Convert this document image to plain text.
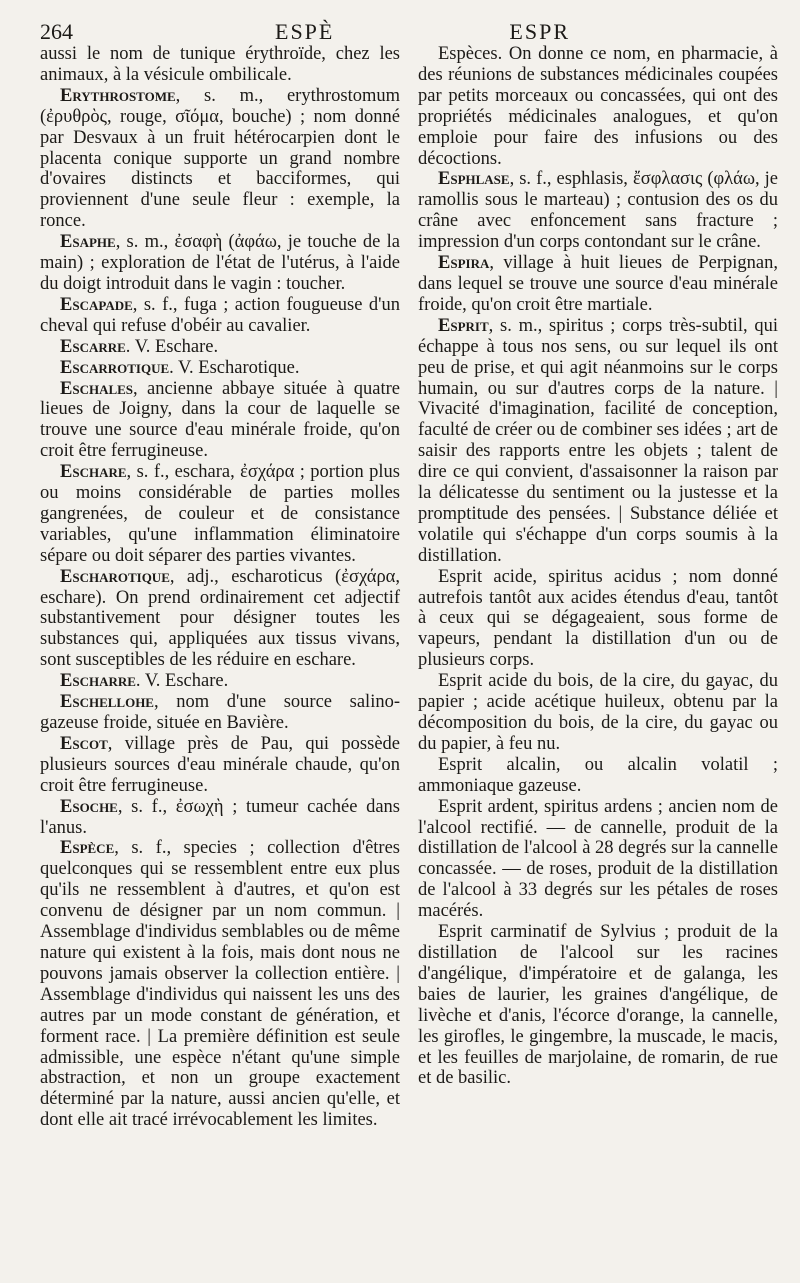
264	ESPÈ	ESPR

aussi le nom de tunique érythroïde, chez les animaux, à la vésicule ombilicale.

Erythrostome, s. m., erythrostomum (ἐρυθρὸς, rouge, σῖόμα, bouche) ; nom donné par Desvaux à un fruit hétérocarpien dont le placenta conique supporte un grand nombre d'ovaires distincts et bacciformes, qui proviennent d'une seule fleur : exemple, la ronce.

Esaphe, s. m., ἐσαφὴ (ἀφάω, je touche de la main) ; exploration de l'état de l'utérus, à l'aide du doigt introduit dans le vagin : toucher.

Escapade, s. f., fuga ; action fougueuse d'un cheval qui refuse d'obéir au cavalier.

Escarre. V. Eschare.

Escarrotique. V. Escharotique.

Eschales, ancienne abbaye située à quatre lieues de Joigny, dans la cour de laquelle se trouve une source d'eau minérale froide, qu'on croit être ferrugineuse.

Eschare, s. f., eschara, ἐσχάρα ; portion plus ou moins considérable de parties molles gangrenées, de couleur et de consistance variables, qu'une inflammation éliminatoire sépare ou doit séparer des parties vivantes.

Escharotique, adj., escharoticus (ἐσχάρα, eschare). On prend ordinairement cet adjectif substantivement pour désigner toutes les substances qui, appliquées aux tissus vivans, sont susceptibles de les réduire en eschare.

Escharre. V. Eschare.

Eschellohe, nom d'une source salino-gazeuse froide, située en Bavière.

Escot, village près de Pau, qui possède plusieurs sources d'eau minérale chaude, qu'on croit être ferrugineuse.

Esoche, s. f., ἐσωχὴ ; tumeur cachée dans l'anus.

Espèce, s. f., species ; collection d'êtres quelconques qui se ressemblent entre eux plus qu'ils ne ressemblent à d'autres, et qu'on est convenu de désigner par un nom commun. | Assemblage d'individus semblables ou de même nature qui existent à la fois, mais dont nous ne pouvons jamais observer la collection entière. | Assemblage d'individus qui naissent les uns des autres par un mode constant de génération, et forment race. | La première définition est seule admissible, une espèce n'étant qu'une simple abstraction, et non un groupe exactement déterminé par la nature, aussi ancien qu'elle, et dont elle ait tracé irrévocablement les limites.

Espèces. On donne ce nom, en pharmacie, à des réunions de substances médicinales coupées par petits morceaux ou concassées, qui ont des propriétés médicinales analogues, et qu'on emploie pour faire des infusions ou des décoctions.

Esphlase, s. f., esphlasis, ἔσφλασις (φλάω, je ramollis sous le marteau) ; contusion des os du crâne avec enfoncement sans fracture ; impression d'un corps contondant sur le crâne.

Espira, village à huit lieues de Perpignan, dans lequel se trouve une source d'eau minérale froide, qu'on croit être martiale.

Esprit, s. m., spiritus ; corps très-subtil, qui échappe à tous nos sens, ou sur lequel ils ont peu de prise, et qui agit néanmoins sur le corps humain, ou sur d'autres corps de la nature. | Vivacité d'imagination, facilité de conception, faculté de créer ou de combiner ses idées ; art de saisir des rapports entre les objets ; talent de dire ce qui convient, d'assaisonner la raison par la délicatesse du sentiment ou la justesse et la promptitude des pensées. | Substance déliée et volatile qui s'échappe d'un corps soumis à la distillation.

Esprit acide, spiritus acidus ; nom donné autrefois tantôt aux acides étendus d'eau, tantôt à ceux qui se dégageaient, sous forme de vapeurs, pendant la distillation d'un ou de plusieurs corps.

Esprit acide du bois, de la cire, du gayac, du papier ; acide acétique huileux, obtenu par la décomposition du bois, de la cire, du gayac ou du papier, à feu nu.

Esprit alcalin, ou alcalin volatil ; ammoniaque gazeuse.

Esprit ardent, spiritus ardens ; ancien nom de l'alcool rectifié. — de cannelle, produit de la distillation de l'alcool à 28 degrés sur la cannelle concassée. — de roses, produit de la distillation de l'alcool à 33 degrés sur les pétales de roses macérés.

Esprit carminatif de Sylvius ; produit de la distillation de l'alcool sur les racines d'angélique, d'impératoire et de galanga, les baies de laurier, les graines d'angélique, de livèche et d'anis, l'écorce d'orange, la cannelle, les girofles, le gingembre, la muscade, le macis, et les feuilles de marjolaine, de romarin, de rue et de basilic.
